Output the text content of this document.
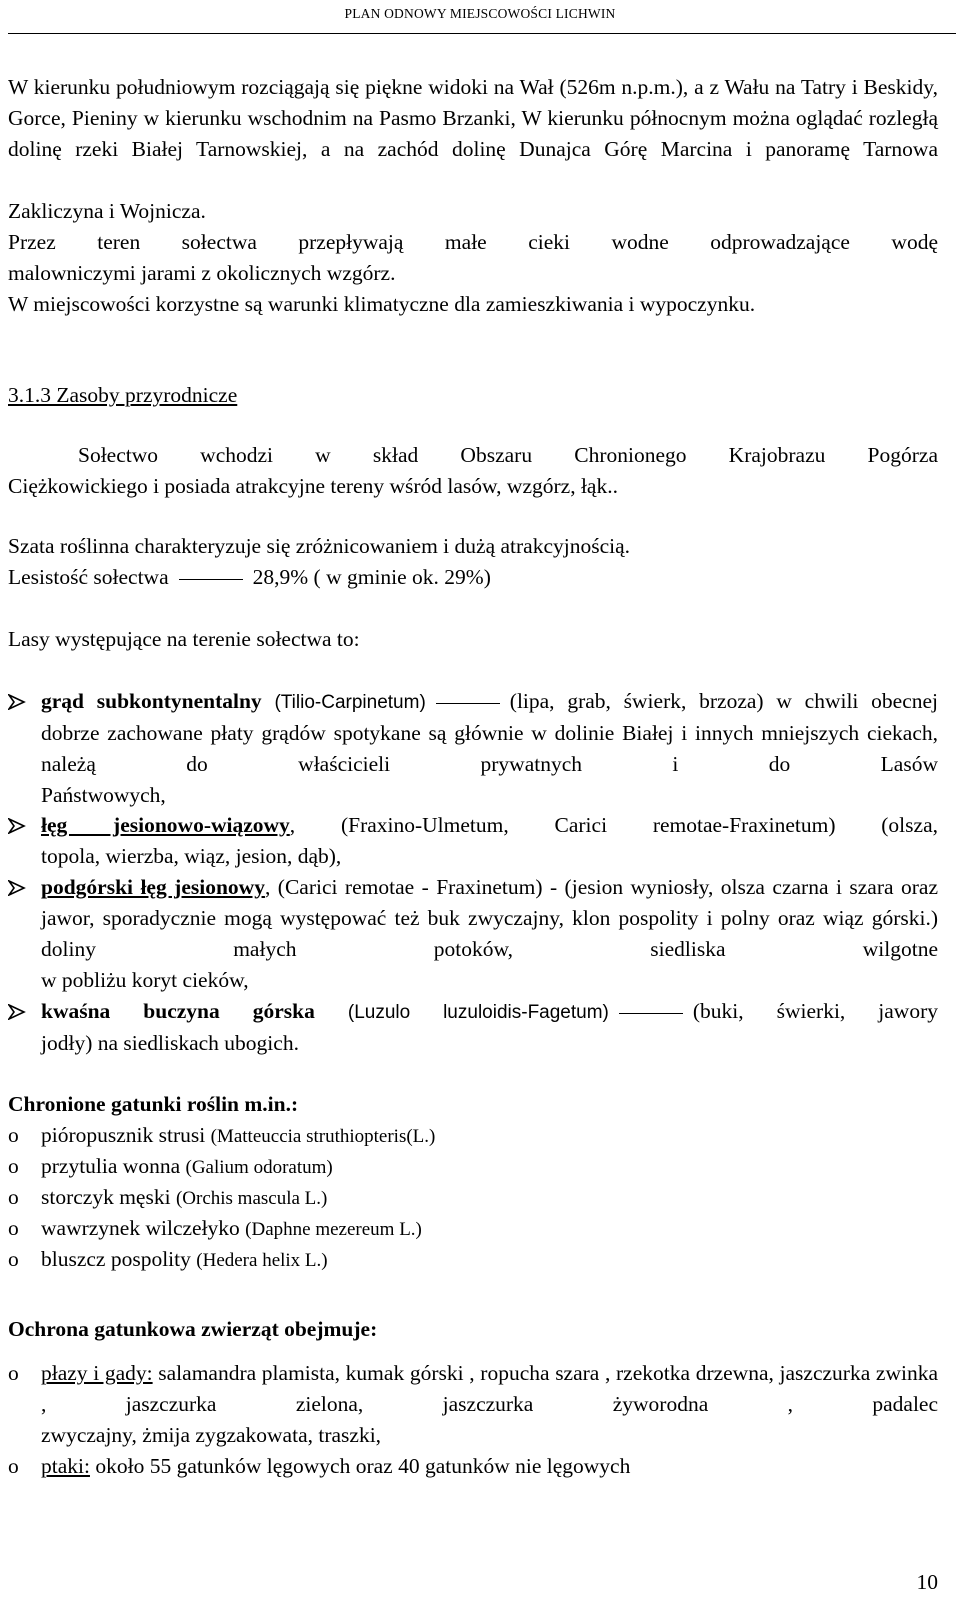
PLAN ODNOWY MIEJSCOWOŚCI LICHWIN

W kierunku południowym rozciągają się piękne widoki na Wał (526m n.p.m.), a z Wału na Tatry i Beskidy, Gorce, Pieniny w kierunku wschodnim na Pasmo Brzanki, W kierunku północnym można oglądać rozległą dolinę rzeki Białej Tarnowskiej, a na zachód dolinę Dunajca Górę Marcina i panoramę Tarnowa

Zakliczyna i Wojnicza.

Przez teren sołectwa przepływają małe cieki wodne odprowadzające wodę

malowniczymi jarami z okolicznych wzgórz.

W miejscowości korzystne są warunki klimatyczne dla zamieszkiwania i wypoczynku.

3.1.3 Zasoby przyrodnicze

Sołectwo wchodzi w skład Obszaru Chronionego Krajobrazu Pogórza

Ciężkowickiego i posiada atrakcyjne tereny wśród lasów, wzgórz, łąk..

Szata roślinna charakteryzuje się zróżnicowaniem i dużą atrakcyjnością.

Lesistość sołectwa	28,9% ( w gminie ok. 29%)

Lasy występujące na terenie sołectwa to:

grąd subkontynentalny (Tilio-Carpinetum)	(lipa, grab, świerk, brzoza) w chwili obecnej dobrze zachowane płaty grądów spotykane są głównie w dolinie Białej i innych mniejszych ciekach, należą do właścicieli prywatnych i do Lasów
Państwowych,
łęg jesionowo-wiązowy, (Fraxino-Ulmetum, Carici remotae-Fraxinetum) (olsza,
topola, wierzba, wiąz, jesion, dąb),
podgórski łęg jesionowy, (Carici remotae - Fraxinetum) - (jesion wyniosły, olsza czarna i szara oraz jawor, sporadycznie mogą występować też buk zwyczajny, klon pospolity i polny oraz wiąz górski.) doliny małych potoków, siedliska wilgotne
w pobliżu koryt cieków,
kwaśna buczyna górska (Luzulo luzuloidis-Fagetum)	(buki, świerki, jawory
jodły) na siedliskach ubogich.
Chronione gatunki roślin m.in.:
o pióropusznik strusi (Matteuccia struthiopteris(L.)
o przytulia wonna (Galium odoratum)
o storczyk męski (Orchis mascula L.)
o wawrzynek wilczełyko (Daphne mezereum L.)
o bluszcz pospolity (Hedera helix L.)
Ochrona gatunkowa zwierząt obejmuje:
o płazy i gady: salamandra plamista, kumak górski , ropucha szara , rzekotka drzewna, jaszczurka zwinka , jaszczurka zielona, jaszczurka żyworodna , padalec
zwyczajny, żmija zygzakowata, traszki,
o ptaki: około 55 gatunków lęgowych oraz 40 gatunków nie lęgowych
10
